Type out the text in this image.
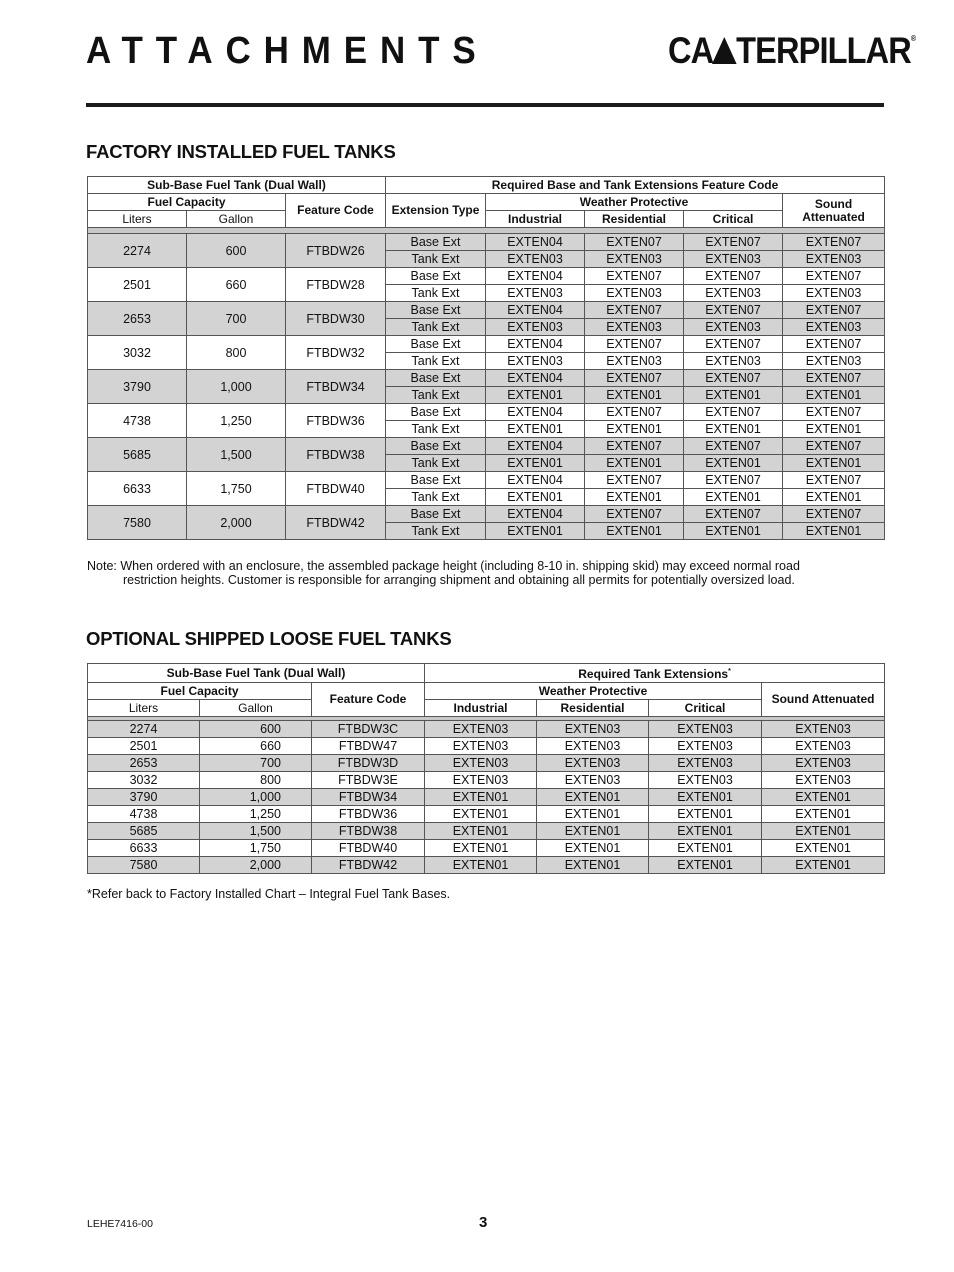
ATTACHMENTS	CA TERPILLAR®
FACTORY INSTALLED FUEL TANKS
Sub-Base Fuel Tank (Dual Wall)			Required Base and Tank Extensions Feature Code				
Fuel Capacity		Feature Code	Extension Type	Weather Protective			Sound Attenuated
Liters	Gallon			Industrial	Residential	Critical	

2274	600	FTBDW26	Base Ext	EXTEN04	EXTEN07	EXTEN07	EXTEN07
			Tank Ext	EXTEN03	EXTEN03	EXTEN03	EXTEN03
2501	660	FTBDW28	Base Ext	EXTEN04	EXTEN07	EXTEN07	EXTEN07
			Tank Ext	EXTEN03	EXTEN03	EXTEN03	EXTEN03
2653	700	FTBDW30	Base Ext	EXTEN04	EXTEN07	EXTEN07	EXTEN07
			Tank Ext	EXTEN03	EXTEN03	EXTEN03	EXTEN03
3032	800	FTBDW32	Base Ext	EXTEN04	EXTEN07	EXTEN07	EXTEN07
			Tank Ext	EXTEN03	EXTEN03	EXTEN03	EXTEN03
3790	1,000	FTBDW34	Base Ext	EXTEN04	EXTEN07	EXTEN07	EXTEN07
			Tank Ext	EXTEN01	EXTEN01	EXTEN01	EXTEN01
4738	1,250	FTBDW36	Base Ext	EXTEN04	EXTEN07	EXTEN07	EXTEN07
			Tank Ext	EXTEN01	EXTEN01	EXTEN01	EXTEN01
5685	1,500	FTBDW38	Base Ext	EXTEN04	EXTEN07	EXTEN07	EXTEN07
			Tank Ext	EXTEN01	EXTEN01	EXTEN01	EXTEN01
6633	1,750	FTBDW40	Base Ext	EXTEN04	EXTEN07	EXTEN07	EXTEN07
			Tank Ext	EXTEN01	EXTEN01	EXTEN01	EXTEN01
7580	2,000	FTBDW42	Base Ext	EXTEN04	EXTEN07	EXTEN07	EXTEN07
			Tank Ext	EXTEN01	EXTEN01	EXTEN01	EXTEN01
Note: When ordered with an enclosure, the assembled package height (including 8-10 in. shipping skid) may exceed normal road
restriction heights. Customer is responsible for arranging shipment and obtaining all permits for potentially oversized load.
OPTIONAL SHIPPED LOOSE FUEL TANKS
Sub-Base Fuel Tank (Dual Wall)			Required Tank Extensions*
Fuel Capacity		Feature Code	Weather Protective			Sound Attenuated
Liters	Gallon		Industrial	Residential	Critical	

2274	600	FTBDW3C	EXTEN03	EXTEN03	EXTEN03	EXTEN03
2501	660	FTBDW47	EXTEN03	EXTEN03	EXTEN03	EXTEN03
2653	700	FTBDW3D	EXTEN03	EXTEN03	EXTEN03	EXTEN03
3032	800	FTBDW3E	EXTEN03	EXTEN03	EXTEN03	EXTEN03
3790	1,000	FTBDW34	EXTEN01	EXTEN01	EXTEN01	EXTEN01
4738	1,250	FTBDW36	EXTEN01	EXTEN01	EXTEN01	EXTEN01
5685	1,500	FTBDW38	EXTEN01	EXTEN01	EXTEN01	EXTEN01
6633	1,750	FTBDW40	EXTEN01	EXTEN01	EXTEN01	EXTEN01
7580	2,000	FTBDW42	EXTEN01	EXTEN01	EXTEN01	EXTEN01
*Refer back to Factory Installed Chart – Integral Fuel Tank Bases.
LEHE7416-00	3
